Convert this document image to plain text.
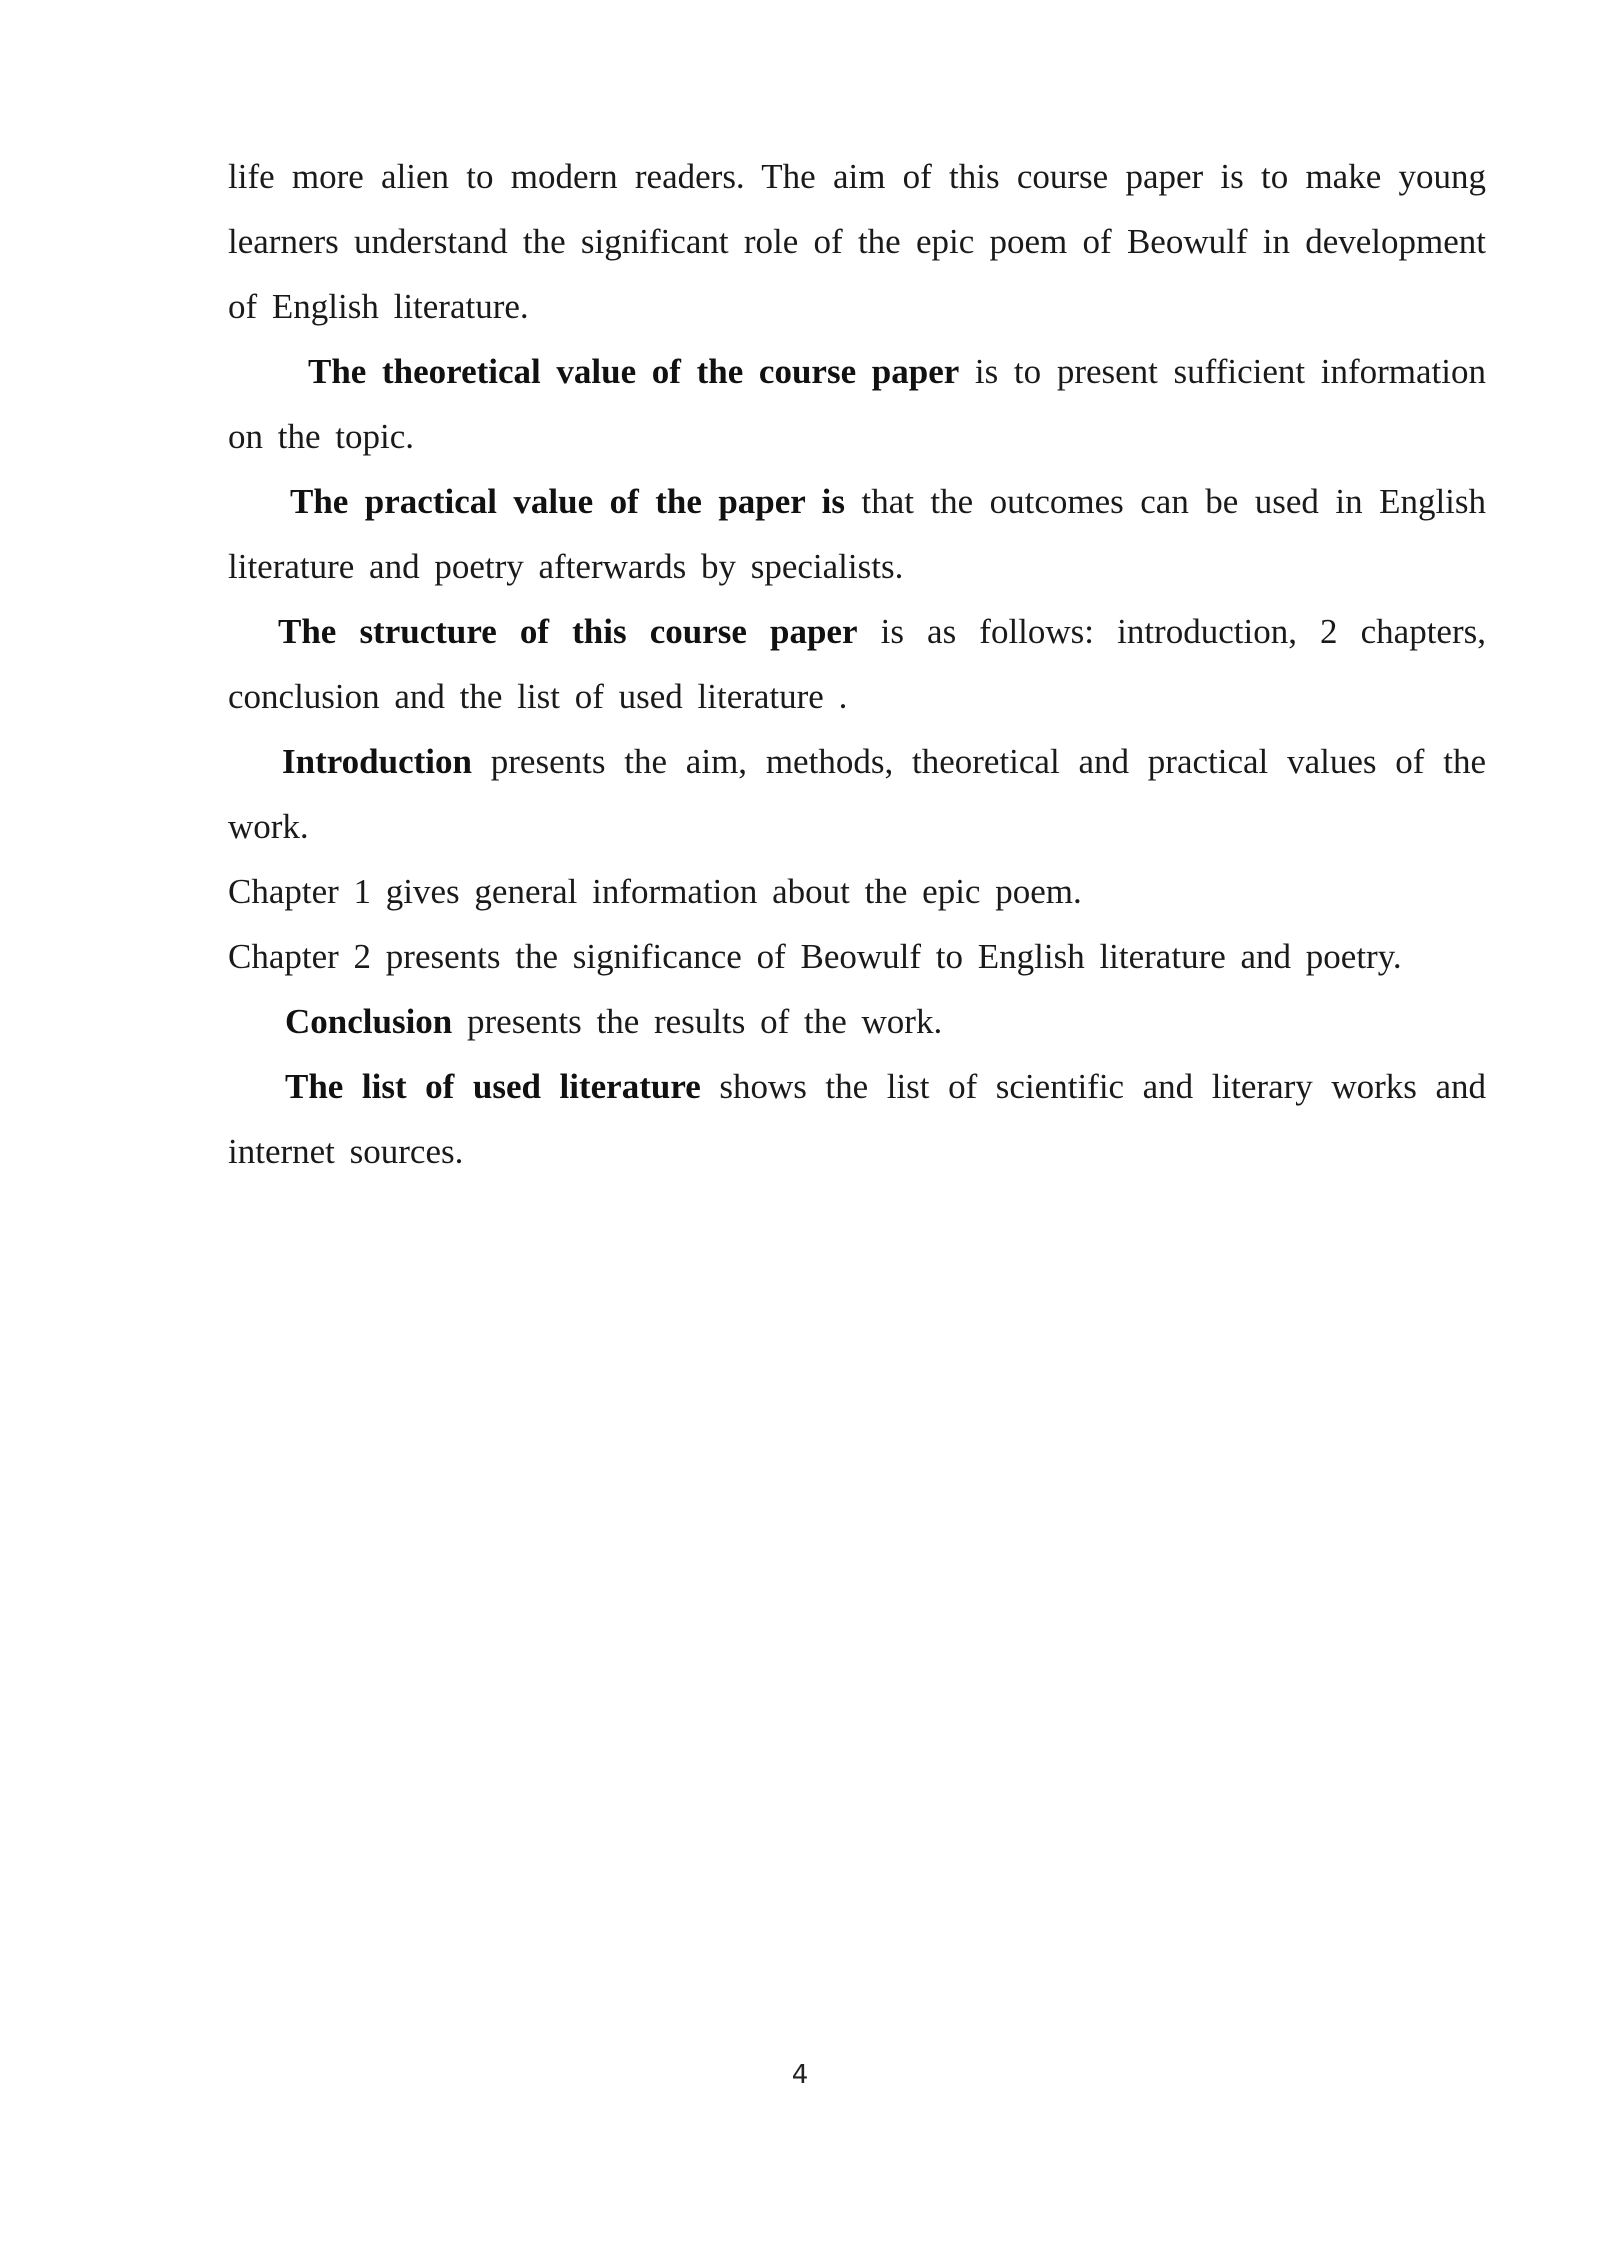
life more alien to modern readers. The aim of this course paper is to make young learners understand the significant role of the epic poem of Beowulf in development of English literature.

The theoretical value of the course paper is to present sufficient information on the topic.

The practical value of the paper is that the outcomes can be used in English literature and poetry afterwards by specialists.

The structure of this course paper is as follows: introduction, 2 chapters, conclusion and the list of used literature .

Introduction presents the aim, methods, theoretical and practical values of the work.

Chapter 1 gives general information about the epic poem.

Chapter 2 presents the significance of Beowulf to English literature and poetry.

Conclusion presents the results of the work.

The list of used literature shows the list of scientific and literary works and internet sources.

4
